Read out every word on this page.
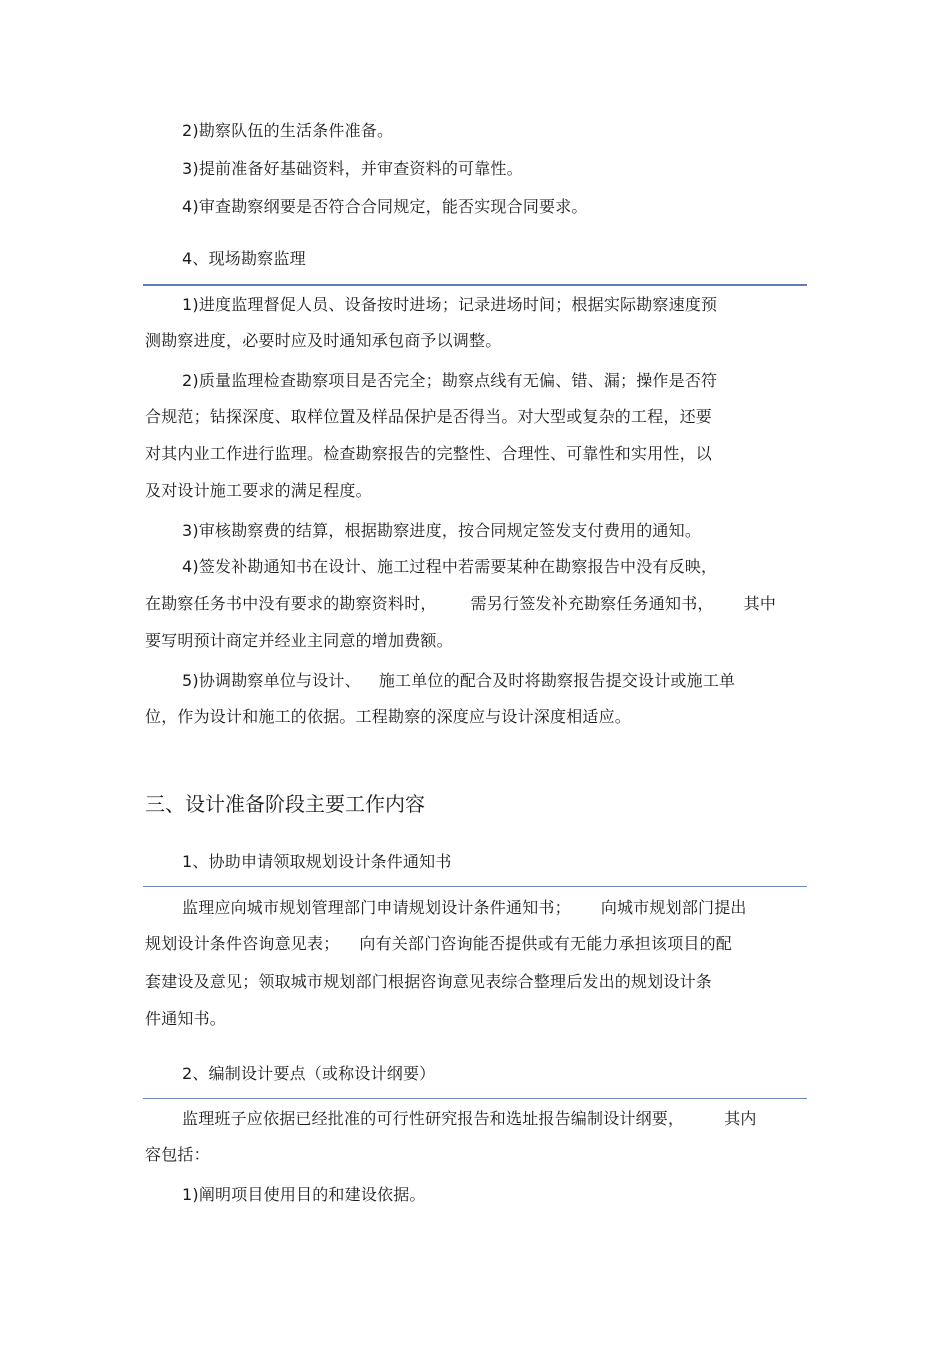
2)勘察队伍的生活条件准备。
3)提前准备好基础资料，并审查资料的可靠性。
4)审查勘察纲要是否符合合同规定，能否实现合同要求。
4、现场勘察监理
1)进度监理督促人员、设备按时进场；记录进场时间；根据实际勘察速度预
测勘察进度，必要时应及时通知承包商予以调整。
2)质量监理检查勘察项目是否完全；勘察点线有无偏、错、漏；操作是否符
合规范；钻探深度、取样位置及样品保护是否得当。对大型或复杂的工程，还要
对其内业工作进行监理。检查勘察报告的完整性、合理性、可靠性和实用性，以
及对设计施工要求的满足程度。
3)审核勘察费的结算，根据勘察进度，按合同规定签发支付费用的通知。
4)签发补勘通知书在设计、施工过程中若需要某种在勘察报告中没有反映，
在勘察任务书中没有要求的勘察资料时， 需另行签发补充勘察任务通知书， 其中
要写明预计商定并经业主同意的增加费额。
5)协调勘察单位与设计、 施工单位的配合及时将勘察报告提交设计或施工单
位，作为设计和施工的依据。工程勘察的深度应与设计深度相适应。
三、设计准备阶段主要工作内容
1、协助申请领取规划设计条件通知书
监理应向城市规划管理部门申请规划设计条件通知书； 向城市规划部门提出
规划设计条件咨询意见表； 向有关部门咨询能否提供或有无能力承担该项目的配
套建设及意见；领取城市规划部门根据咨询意见表综合整理后发出的规划设计条
件通知书。
2、编制设计要点（或称设计纲要）
监理班子应依据已经批准的可行性研究报告和选址报告编制设计纲要，	其内
容包括：
1)阐明项目使用目的和建设依据。
